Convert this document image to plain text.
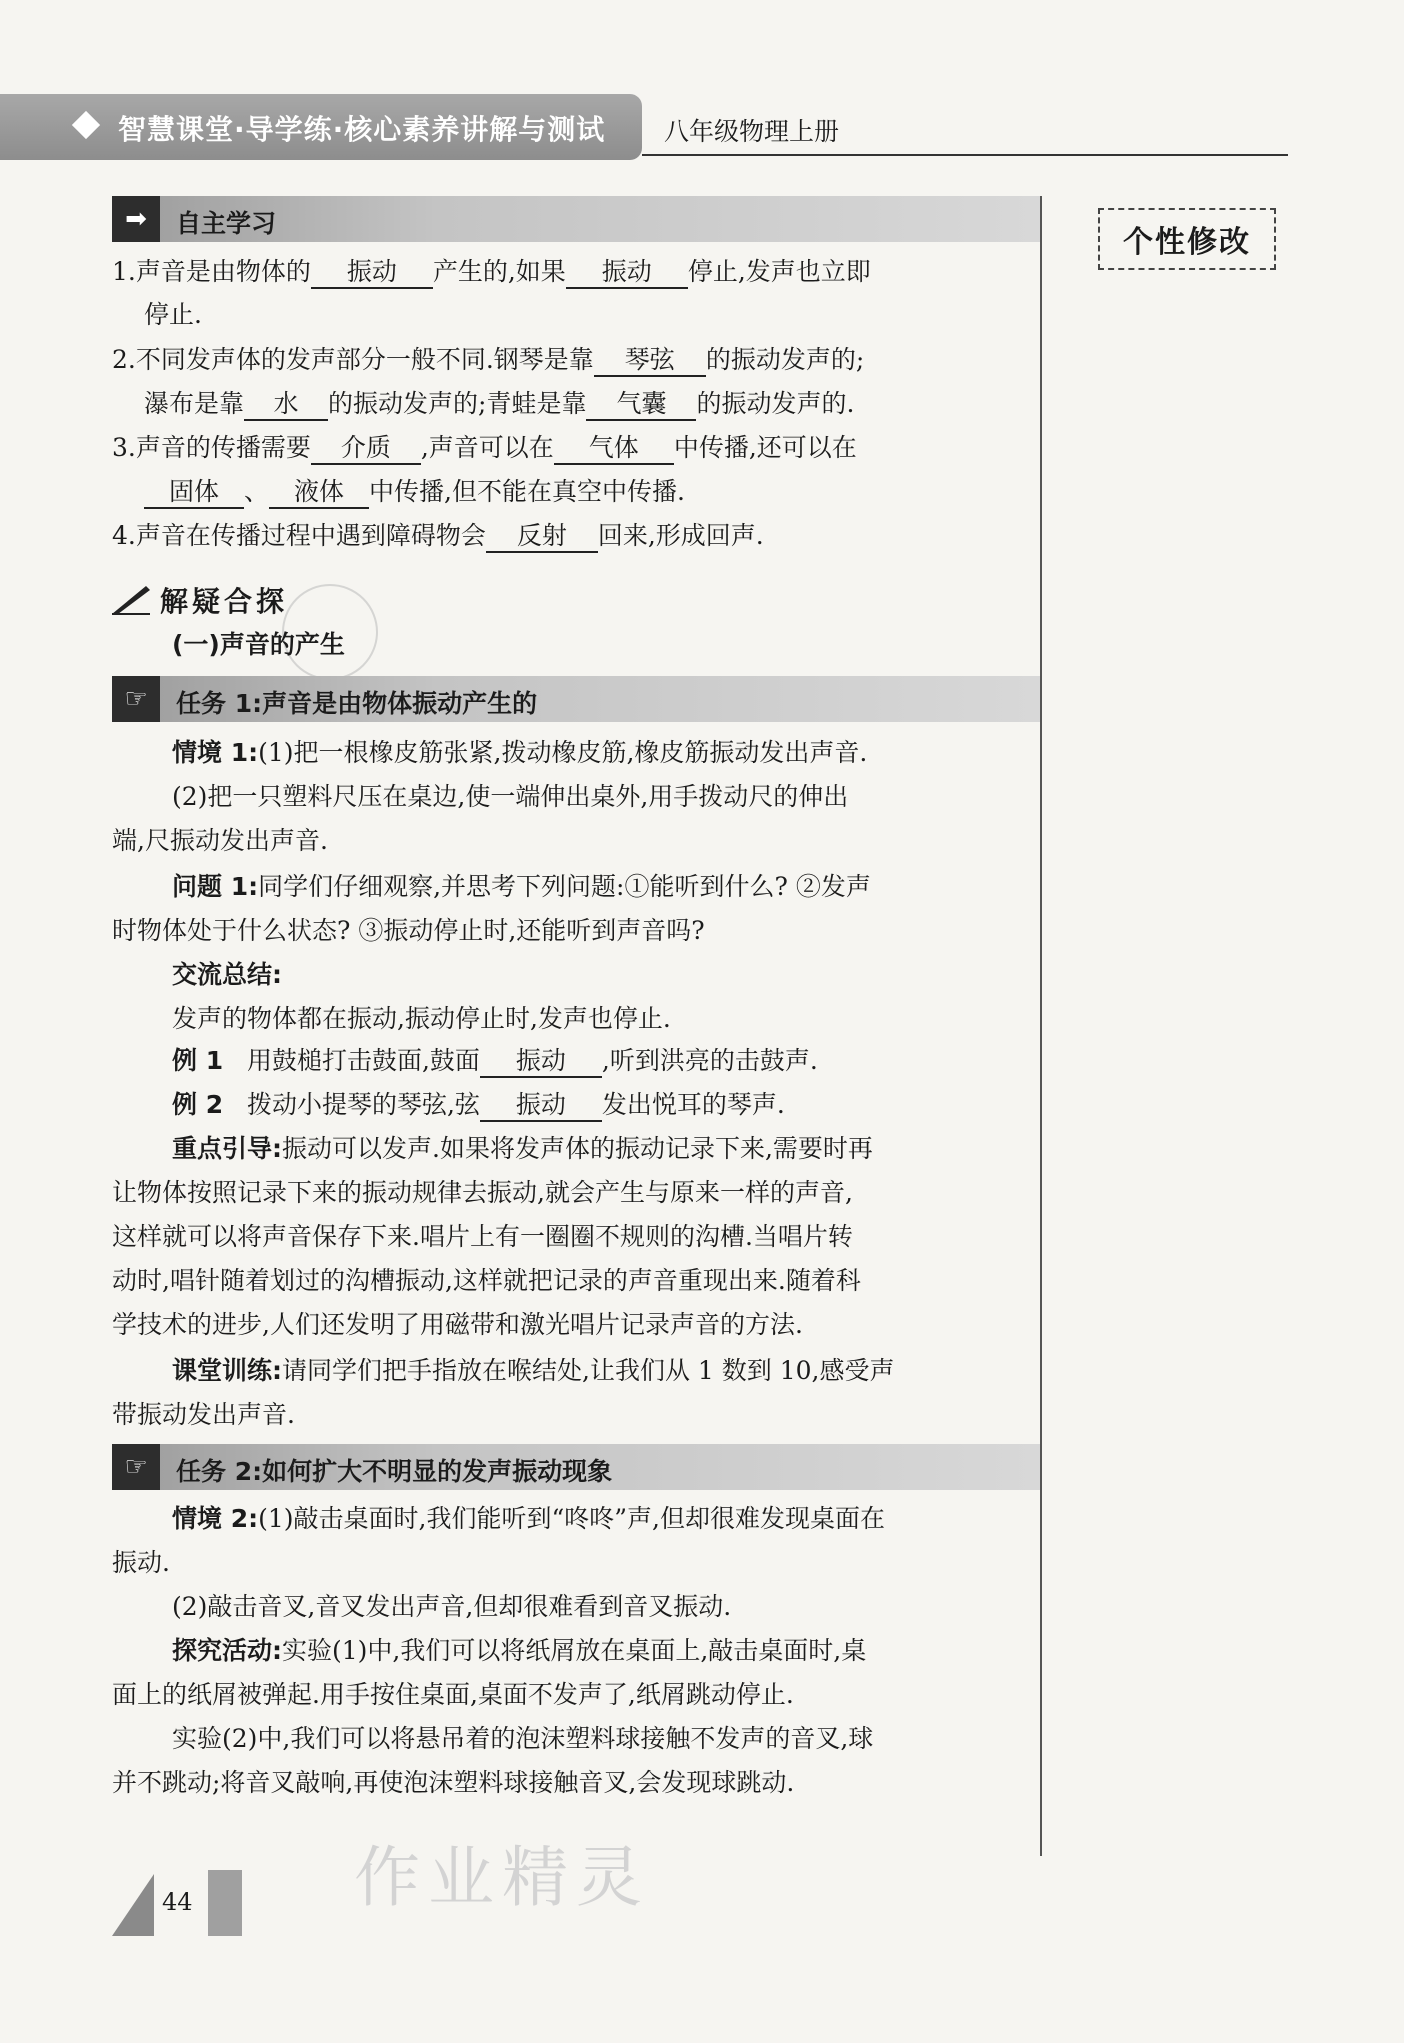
智慧课堂·导学练·核心素养讲解与测试 八年级物理上册
个性修改
➡	自主学习
1.声音是由物体的 振动 产生的,如果 振动 停止,发声也立即
停止.
2.不同发声体的发声部分一般不同.钢琴是靠 琴弦 的振动发声的;
瀑布是靠 水 的振动发声的;青蛙是靠 气囊 的振动发声的.
3.声音的传播需要 介质 ,声音可以在 气体 中传播,还可以在
固体 、 液体 中传播,但不能在真空中传播.
4.声音在传播过程中遇到障碍物会 反射 回来,形成回声.
解疑合探
(一)声音的产生
☞	任务 1:声音是由物体振动产生的
情境 1:(1)把一根橡皮筋张紧,拨动橡皮筋,橡皮筋振动发出声音.
(2)把一只塑料尺压在桌边,使一端伸出桌外,用手拨动尺的伸出
端,尺振动发出声音.
问题 1:同学们仔细观察,并思考下列问题:①能听到什么? ②发声
时物体处于什么状态? ③振动停止时,还能听到声音吗?
交流总结:
发声的物体都在振动,振动停止时,发声也停止.
例 1 用鼓槌打击鼓面,鼓面 振动 ,听到洪亮的击鼓声.
例 2 拨动小提琴的琴弦,弦 振动 发出悦耳的琴声.
重点引导:振动可以发声.如果将发声体的振动记录下来,需要时再
让物体按照记录下来的振动规律去振动,就会产生与原来一样的声音,
这样就可以将声音保存下来.唱片上有一圈圈不规则的沟槽.当唱片转
动时,唱针随着划过的沟槽振动,这样就把记录的声音重现出来.随着科
学技术的进步,人们还发明了用磁带和激光唱片记录声音的方法.
课堂训练:请同学们把手指放在喉结处,让我们从 1 数到 10,感受声
带振动发出声音.
☞	任务 2:如何扩大不明显的发声振动现象
情境 2:(1)敲击桌面时,我们能听到“咚咚”声,但却很难发现桌面在
振动.
(2)敲击音叉,音叉发出声音,但却很难看到音叉振动.
探究活动:实验(1)中,我们可以将纸屑放在桌面上,敲击桌面时,桌
面上的纸屑被弹起.用手按住桌面,桌面不发声了,纸屑跳动停止.
实验(2)中,我们可以将悬吊着的泡沫塑料球接触不发声的音叉,球
并不跳动;将音叉敲响,再使泡沫塑料球接触音叉,会发现球跳动.
44 作业精灵
